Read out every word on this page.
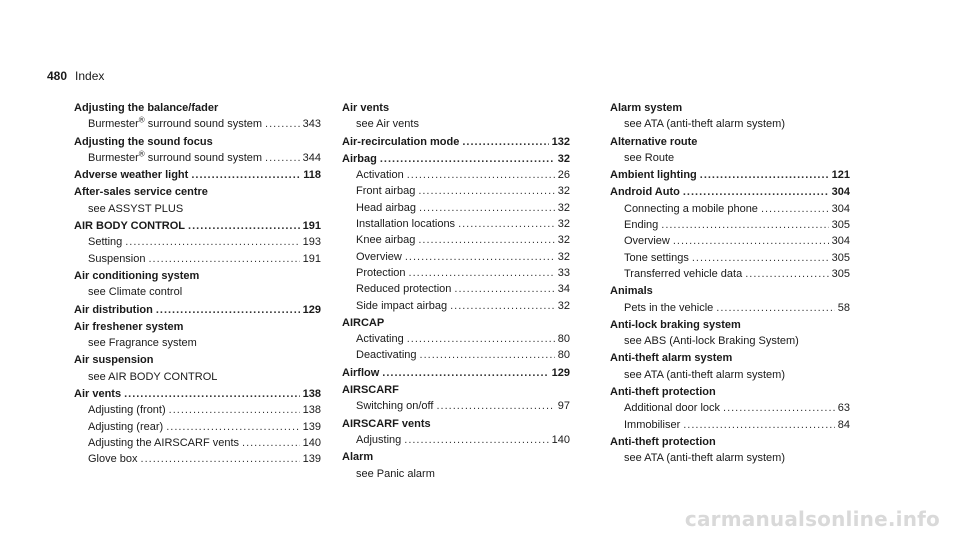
480 Index
Adjusting the balance/fader
Burmester® surround sound system .....	343
Adjusting the sound focus
Burmester® surround sound system .....	344
Adverse weather light .....	118
After-sales service centre
see ASSYST PLUS
AIR BODY CONTROL .....	191
Setting .....	193
Suspension .....	191
Air conditioning system
see Climate control
Air distribution .....	129
Air freshener system
see Fragrance system
Air suspension
see AIR BODY CONTROL
Air vents .....	138
Adjusting (front) .....	138
Adjusting (rear) .....	139
Adjusting the AIRSCARF vents .....	140
Glove box .....	139
Air vents
see Air vents
Air-recirculation mode .....	132
Airbag .....	32
Activation .....	26
Front airbag .....	32
Head airbag .....	32
Installation locations .....	32
Knee airbag .....	32
Overview .....	32
Protection .....	33
Reduced protection .....	34
Side impact airbag .....	32
AIRCAP
Activating .....	80
Deactivating .....	80
Airflow .....	129
AIRSCARF
Switching on/off .....	97
AIRSCARF vents
Adjusting .....	140
Alarm
see Panic alarm
Alarm system
see ATA (anti-theft alarm system)
Alternative route
see Route
Ambient lighting .....	121
Android Auto .....	304
Connecting a mobile phone .....	304
Ending .....	305
Overview .....	304
Tone settings .....	305
Transferred vehicle data .....	305
Animals
Pets in the vehicle .....	58
Anti-lock braking system
see ABS (Anti-lock Braking System)
Anti-theft alarm system
see ATA (anti-theft alarm system)
Anti-theft protection
Additional door lock .....	63
Immobiliser .....	84
Anti-theft protection
see ATA (anti-theft alarm system)
carmanualsonline.info
